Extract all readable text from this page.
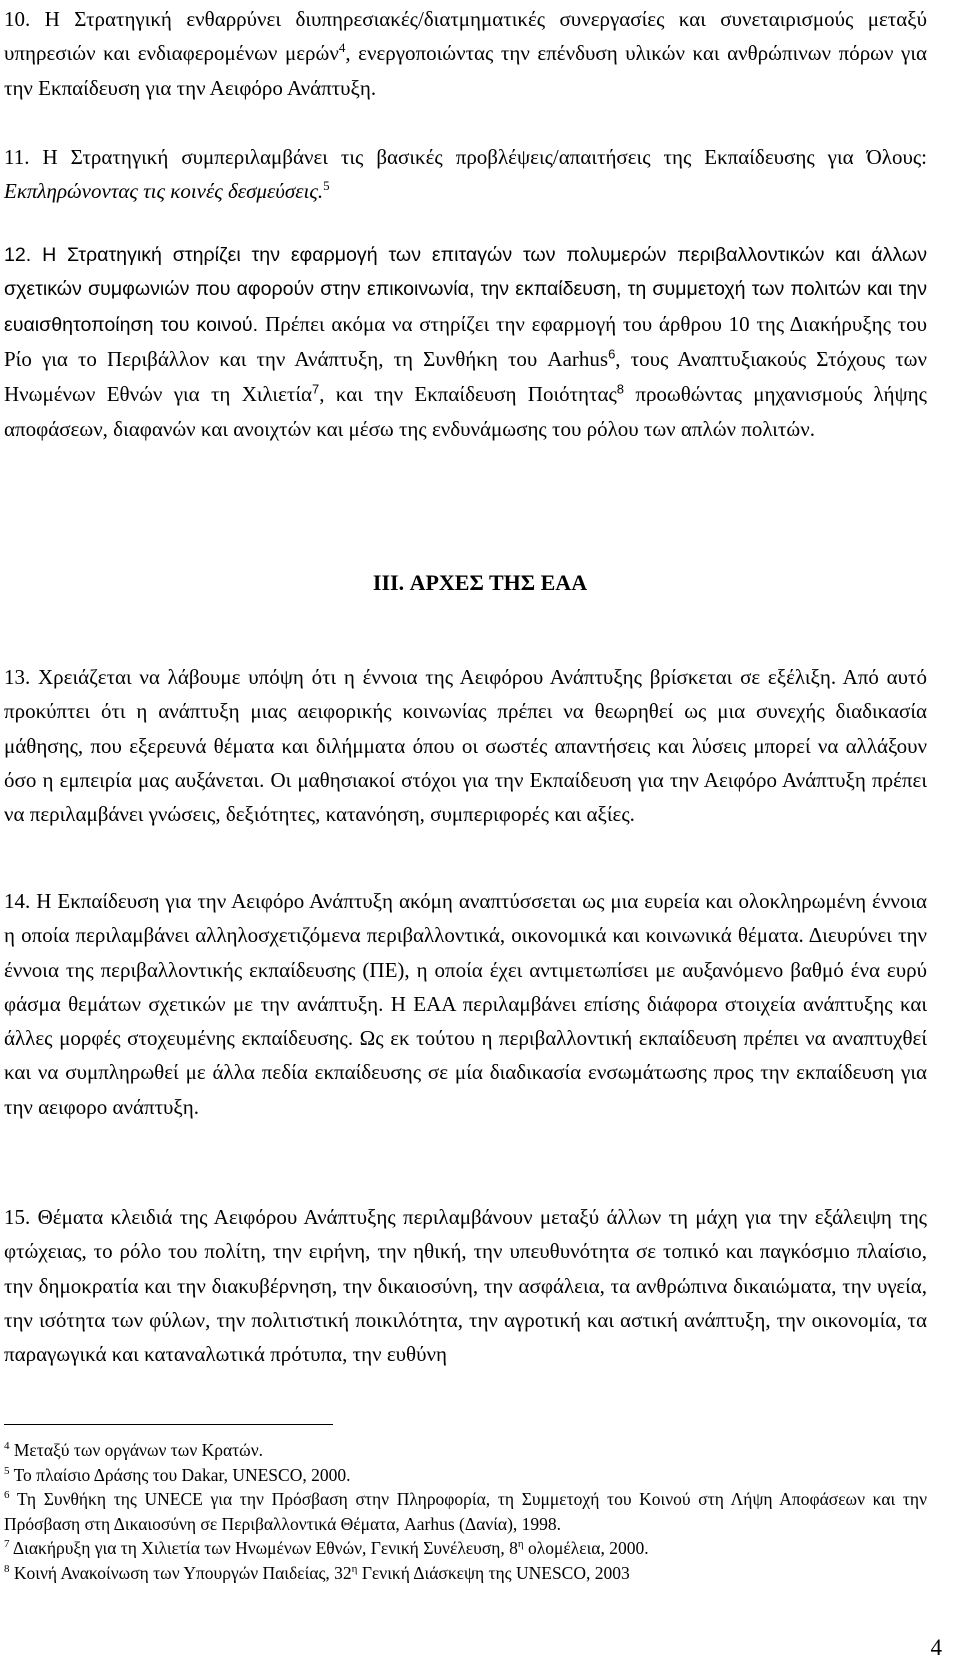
10. Η Στρατηγική ενθαρρύνει διυπηρεσιακές/διατμηματικές συνεργασίες και συνεταιρισμούς μεταξύ υπηρεσιών και ενδιαφερομένων μερών$^4$, ενεργοποιώντας την επένδυση υλικών και ανθρώπινων πόρων για την Εκπαίδευση για την Αειφόρο Ανάπτυξη.

11. Η Στρατηγική συμπεριλαμβάνει τις βασικές προβλέψεις/απαιτήσεις της Εκπαίδευσης για Όλους: Εκπληρώνοντας τις κοινές δεσμεύσεις.$^5$

12. Η Στρατηγική στηρίζει την εφαρμογή των επιταγών των πολυμερών περιβαλλοντικών και άλλων σχετικών συμφωνιών που αφορούν στην επικοινωνία, την εκπαίδευση, τη συμμετοχή των πολιτών και την ευαισθητοποίηση του κοινού. Πρέπει ακόμα να στηρίζει την εφαρμογή του άρθρου 10 της Διακήρυξης του Ρίο για το Περιβάλλον και την Ανάπτυξη, τη Συνθήκη του Aarhus$^6$, τους Αναπτυξιακούς Στόχους των Ηνωμένων Εθνών για τη Χιλιετία$^7$, και την Εκπαίδευση Ποιότητας$^8$ προωθώντας μηχανισμούς λήψης αποφάσεων, διαφανών και ανοιχτών και μέσω της ενδυνάμωσης του ρόλου των απλών πολιτών.

III. ΑΡΧΕΣ ΤΗΣ ΕΑΑ

13. Χρειάζεται να λάβουμε υπόψη ότι η έννοια της Αειφόρου Ανάπτυξης βρίσκεται σε εξέλιξη. Από αυτό προκύπτει ότι η ανάπτυξη μιας αειφορικής κοινωνίας πρέπει να θεωρηθεί ως μια συνεχής διαδικασία μάθησης, που εξερευνά θέματα και διλήμματα όπου οι σωστές απαντήσεις και λύσεις μπορεί να αλλάξουν όσο η εμπειρία μας αυξάνεται. Οι μαθησιακοί στόχοι για την Εκπαίδευση για την Αειφόρο Ανάπτυξη πρέπει να περιλαμβάνει γνώσεις, δεξιότητες, κατανόηση, συμπεριφορές και αξίες.

14. Η Εκπαίδευση για την Αειφόρο Ανάπτυξη ακόμη αναπτύσσεται ως μια ευρεία και ολοκληρωμένη έννοια η οποία περιλαμβάνει αλληλοσχετιζόμενα περιβαλλοντικά, οικονομικά και κοινωνικά θέματα. Διευρύνει την έννοια της περιβαλλοντικής εκπαίδευσης (ΠΕ), η οποία έχει αντιμετωπίσει με αυξανόμενο βαθμό ένα ευρύ φάσμα θεμάτων σχετικών με την ανάπτυξη. Η ΕΑΑ περιλαμβάνει επίσης διάφορα στοιχεία ανάπτυξης και άλλες μορφές στοχευμένης εκπαίδευσης. Ως εκ τούτου η περιβαλλοντική εκπαίδευση πρέπει να αναπτυχθεί και να συμπληρωθεί με άλλα πεδία εκπαίδευσης σε μία διαδικασία ενσωμάτωσης προς την εκπαίδευση για την αειφορο ανάπτυξη.

15. Θέματα κλειδιά της Αειφόρου Ανάπτυξης περιλαμβάνουν μεταξύ άλλων τη μάχη για την εξάλειψη της φτώχειας, το ρόλο του πολίτη, την ειρήνη, την ηθική, την υπευθυνότητα σε τοπικό και παγκόσμιο πλαίσιο, την δημοκρατία και την διακυβέρνηση, την δικαιοσύνη, την ασφάλεια, τα ανθρώπινα δικαιώματα, την υγεία, την ισότητα των φύλων, την πολιτιστική ποικιλότητα, την αγροτική και αστική ανάπτυξη, την οικονομία, τα παραγωγικά και καταναλωτικά πρότυπα, την ευθύνη

$^4$ Μεταξύ των οργάνων των Κρατών.

$^5$ Το πλαίσιο Δράσης του Dakar, UNESCO, 2000.

$^6$ Τη Συνθήκη της UNECE για την Πρόσβαση στην Πληροφορία, τη Συμμετοχή του Κοινού στη Λήψη Αποφάσεων και την Πρόσβαση στη Δικαιοσύνη σε Περιβαλλοντικά Θέματα, Aarhus (Δανία), 1998.

$^7$ Διακήρυξη για τη Χιλιετία των Ηνωμένων Εθνών, Γενική Συνέλευση, $8^\eta$ ολομέλεια, 2000.

$^8$ Κοινή Ανακοίνωση των Υπουργών Παιδείας, $32^\eta$ Γενική Διάσκεψη της UNESCO, 2003

4
